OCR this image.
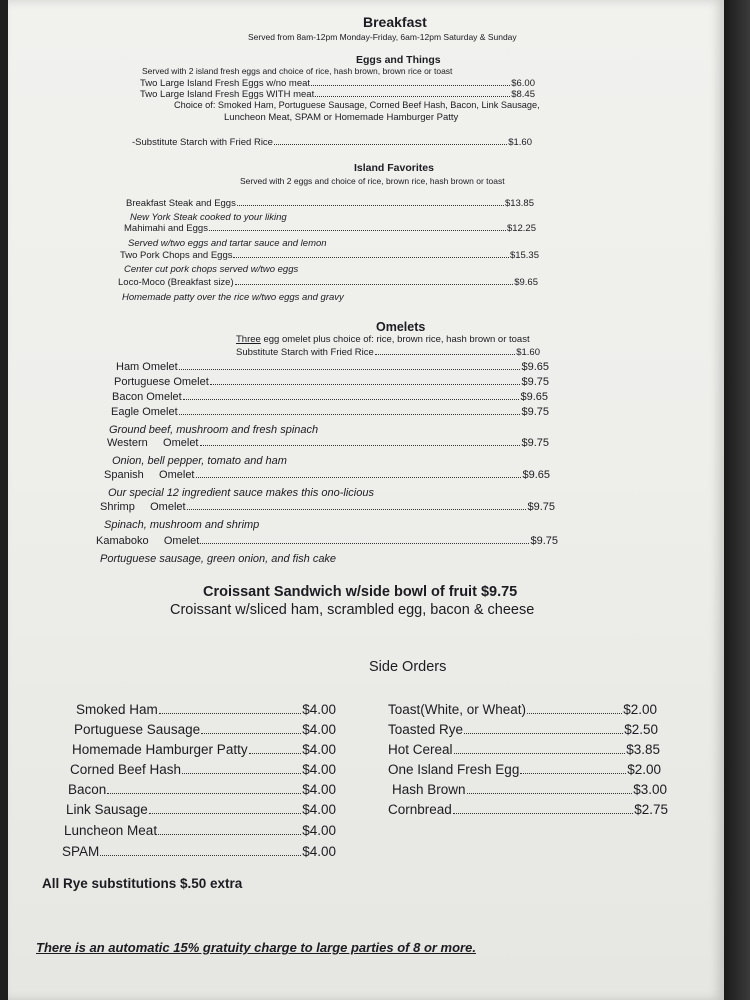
Breakfast
Served from 8am-12pm Monday-Friday, 6am-12pm Saturday & Sunday
Eggs and Things
Served with 2 island fresh eggs and choice of rice, hash brown, brown rice or toast
Two Large Island Fresh Eggs w/no meat	$6.00
Two Large Island Fresh Eggs WITH meat	$8.45
Choice of: Smoked Ham, Portuguese Sausage, Corned Beef Hash, Bacon, Link Sausage,
Luncheon Meat, SPAM or Homemade Hamburger Patty
-Substitute Starch with Fried Rice	$1.60
Island Favorites
Served with 2 eggs and choice of rice, brown rice, hash brown or toast
Breakfast Steak and Eggs	$13.85
New York Steak cooked to your liking
Mahimahi and Eggs	$12.25
Served w/two eggs and tartar sauce and lemon
Two Pork Chops and Eggs	$15.35
Center cut pork chops served w/two eggs
Loco-Moco (Breakfast size)	$9.65
Homemade patty over the rice w/two eggs and gravy
Omelets
Three egg omelet plus choice of: rice, brown rice, hash brown or toast
Substitute Starch with Fried Rice	$1.60
Ham Omelet	$9.65
Portuguese Omelet	$9.75
Bacon Omelet	$9.65
Eagle Omelet	$9.75
Ground beef, mushroom and fresh spinach
Western     Omelet	$9.75
Onion, bell pepper, tomato and ham
Spanish     Omelet	$9.65
Our special 12 ingredient sauce makes this ono-licious
Shrimp     Omelet	$9.75
Spinach, mushroom and shrimp
Kamaboko     Omelet	$9.75
Portuguese sausage, green onion, and fish cake
Croissant Sandwich w/side bowl of fruit $9.75
Croissant w/sliced ham, scrambled egg, bacon & cheese
Side Orders
Smoked Ham	$4.00
Portuguese Sausage	$4.00
Homemade Hamburger Patty	$4.00
Corned Beef Hash	$4.00
Bacon	$4.00
Link Sausage	$4.00
Luncheon Meat	$4.00
SPAM	$4.00
Toast(White, or Wheat)	$2.00
Toasted Rye	$2.50
Hot Cereal	$3.85
One Island Fresh Egg	$2.00
Hash Brown	$3.00
Cornbread	$2.75
All Rye substitutions $.50 extra
There is an automatic 15% gratuity charge to large parties of 8 or more.
